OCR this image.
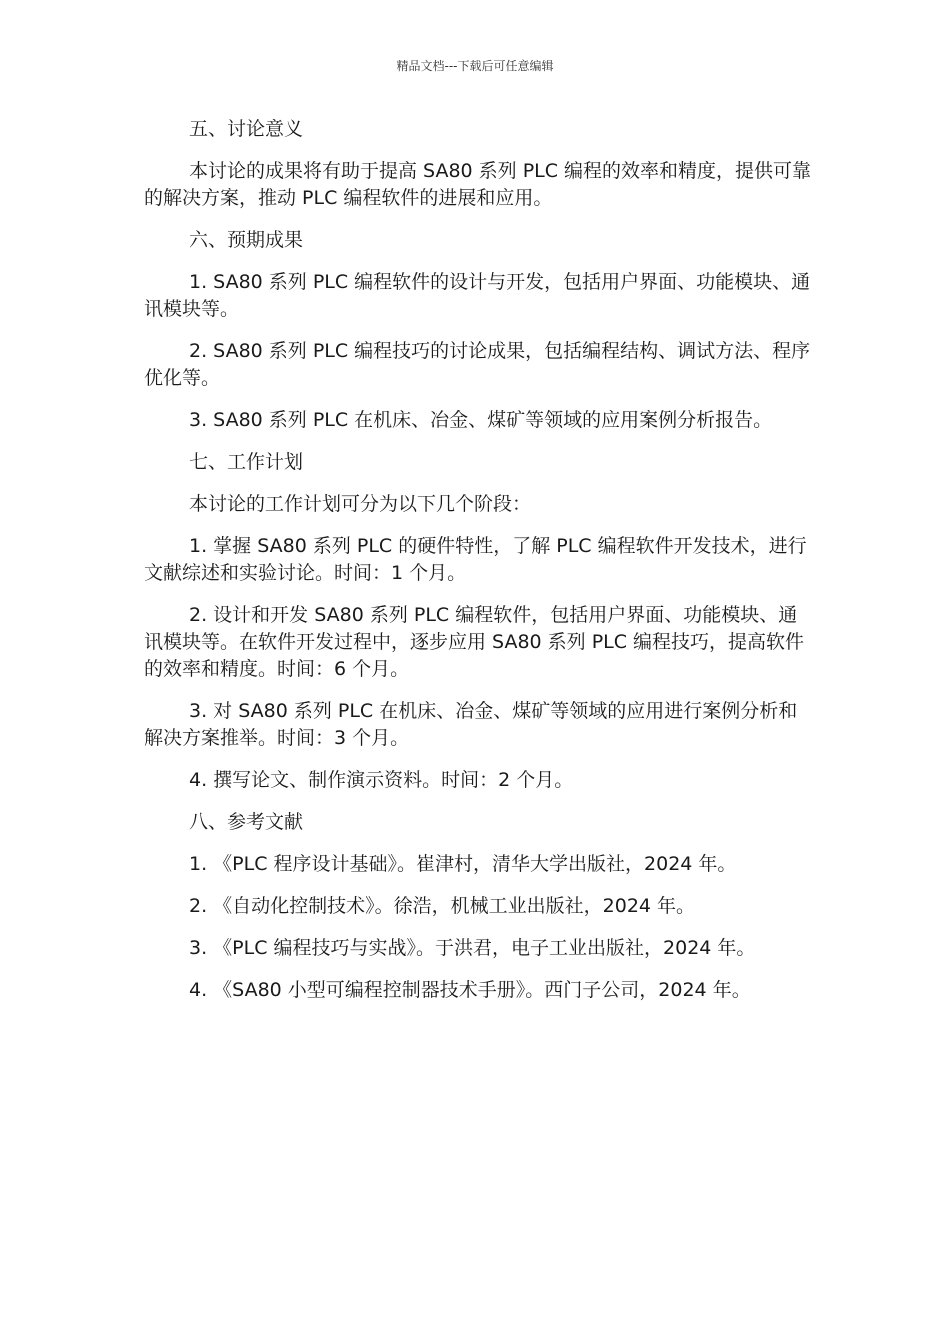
精品文档---下载后可任意编辑

五、讨论意义

本讨论的成果将有助于提高 SA80 系列 PLC 编程的效率和精度，提供可靠的解决方案，推动 PLC 编程软件的进展和应用。

六、预期成果

1. SA80 系列 PLC 编程软件的设计与开发，包括用户界面、功能模块、通讯模块等。

2. SA80 系列 PLC 编程技巧的讨论成果，包括编程结构、调试方法、程序优化等。

3. SA80 系列 PLC 在机床、冶金、煤矿等领域的应用案例分析报告。

七、工作计划

本讨论的工作计划可分为以下几个阶段：

1. 掌握 SA80 系列 PLC 的硬件特性，了解 PLC 编程软件开发技术，进行文献综述和实验讨论。时间：1 个月。

2. 设计和开发 SA80 系列 PLC 编程软件，包括用户界面、功能模块、通讯模块等。在软件开发过程中，逐步应用 SA80 系列 PLC 编程技巧，提高软件的效率和精度。时间：6 个月。

3. 对 SA80 系列 PLC 在机床、冶金、煤矿等领域的应用进行案例分析和解决方案推举。时间：3 个月。

4. 撰写论文、制作演示资料。时间：2 个月。

八、参考文献

1. 《PLC 程序设计基础》。崔津村，清华大学出版社，2024 年。

2. 《自动化控制技术》。徐浩，机械工业出版社，2024 年。

3. 《PLC 编程技巧与实战》。于洪君，电子工业出版社，2024 年。

4. 《SA80 小型可编程控制器技术手册》。西门子公司，2024 年。
